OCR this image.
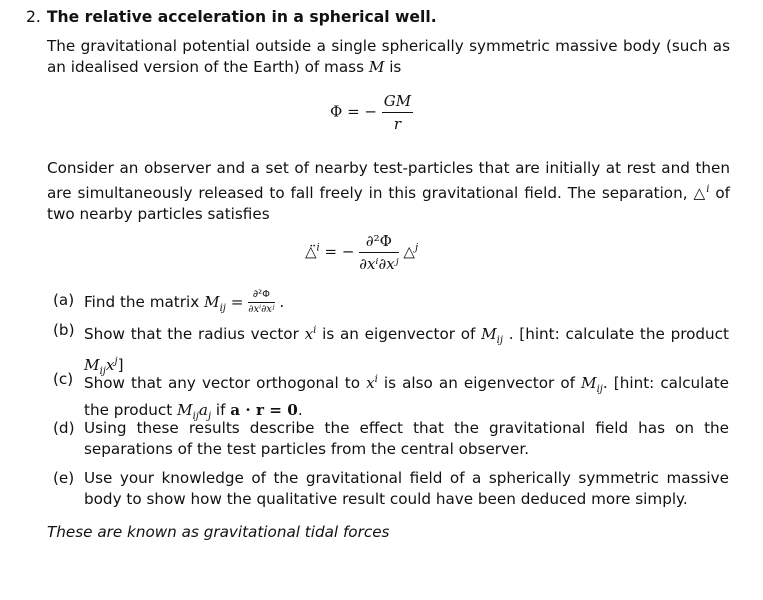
2. The relative acceleration in a spherical well.
The gravitational potential outside a single spherically symmetric massive body (such as an idealised version of the Earth) of mass M is
Φ = − $\frac{GM}{r}$
Consider an observer and a set of nearby test-particles that are initially at rest and then are simultaneously released to fall freely in this gravitational field. The separation, △$^i$ of two nearby particles satisfies
△̈$^i$ = − $\frac{\text{∂²Φ}}{\text{∂xⁱ∂xʲ}}$ △$^j$
(a) Find the matrix $M_{ij} = \frac{\text{∂²Φ}}{\text{∂xⁱ∂xʲ}}$ .
(b) Show that the radius vector $x^i$ is an eigenvector of $M_{ij}$ . [hint: calculate the product $M_{ij}x^j$]
(c) Show that any vector orthogonal to $x^i$ is also an eigenvector of $M_{ij}$. [hint: calculate the product $M_{ij}a_j$ if a · r = 0.
(d) Using these results describe the effect that the gravitational field has on the separations of the test particles from the central observer.
(e) Use your knowledge of the gravitational field of a spherically symmetric massive body to show how the qualitative result could have been deduced more simply.
These are known as gravitational tidal forces
